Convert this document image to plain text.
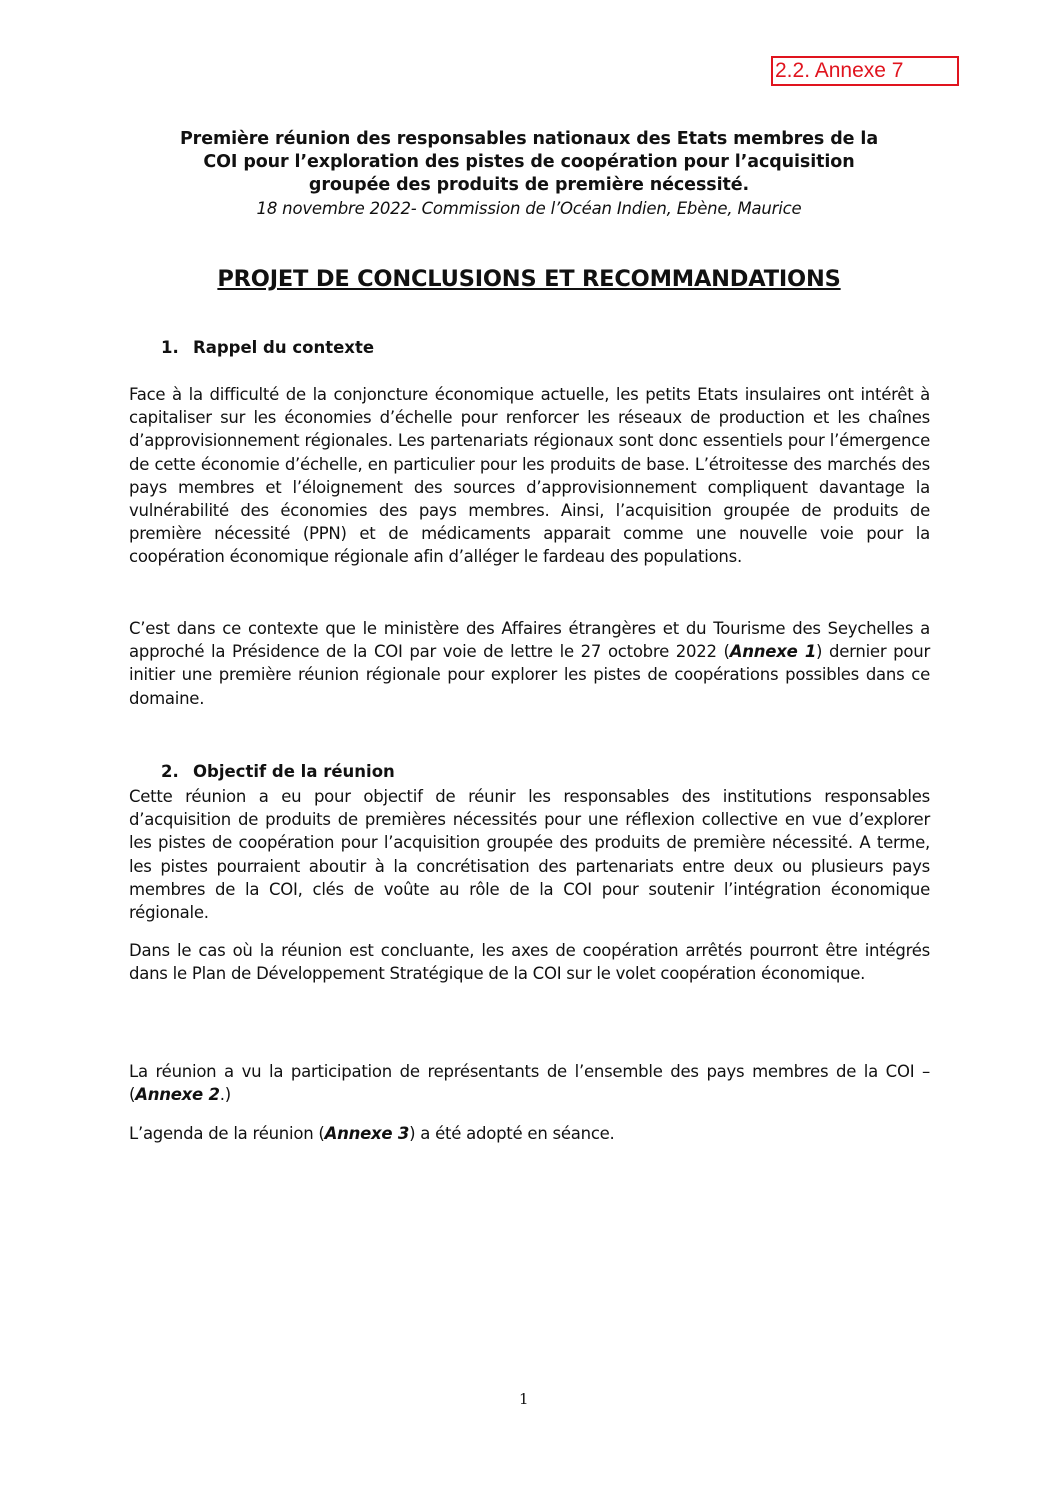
2.2. Annexe 7

Première réunion des responsables nationaux des Etats membres de la

COI pour l’exploration des pistes de coopération pour l’acquisition

groupée des produits de première nécessité.

18 novembre 2022- Commission de l’Océan Indien, Ebène, Maurice

PROJET DE CONCLUSIONS ET RECOMMANDATIONS
1. Rappel du contexte

Face à la difficulté de la conjoncture économique actuelle, les petits Etats insulaires ont intérêt à capitaliser sur les économies d’échelle pour renforcer les réseaux de production et les chaînes d’approvisionnement régionales. Les partenariats régionaux sont donc essentiels pour l’émergence de cette économie d’échelle, en particulier pour les produits de base. L’étroitesse des marchés des pays membres et l’éloignement des sources d’approvisionnement compliquent davantage la vulnérabilité des économies des pays membres. Ainsi, l’acquisition groupée de produits de première nécessité (PPN) et de médicaments apparait comme une nouvelle voie pour la coopération économique régionale afin d’alléger le fardeau des populations.

C’est dans ce contexte que le ministère des Affaires étrangères et du Tourisme des Seychelles a approché la Présidence de la COI par voie de lettre le 27 octobre 2022 (Annexe 1) dernier pour initier une première réunion régionale pour explorer les pistes de coopérations possibles dans ce domaine.

2. Objectif de la réunion

Cette réunion a eu pour objectif de réunir les responsables des institutions responsables d’acquisition de produits de premières nécessités pour une réflexion collective en vue d’explorer les pistes de coopération pour l’acquisition groupée des produits de première nécessité. A terme, les pistes pourraient aboutir à la concrétisation des partenariats entre deux ou plusieurs pays membres de la COI, clés de voûte au rôle de la COI pour soutenir l’intégration économique régionale.

Dans le cas où la réunion est concluante, les axes de coopération arrêtés pourront être intégrés dans le Plan de Développement Stratégique de la COI sur le volet coopération économique.

La réunion a vu la participation de représentants de l’ensemble des pays membres de la COI –(Annexe 2.)

L’agenda de la réunion (Annexe 3) a été adopté en séance.

1
